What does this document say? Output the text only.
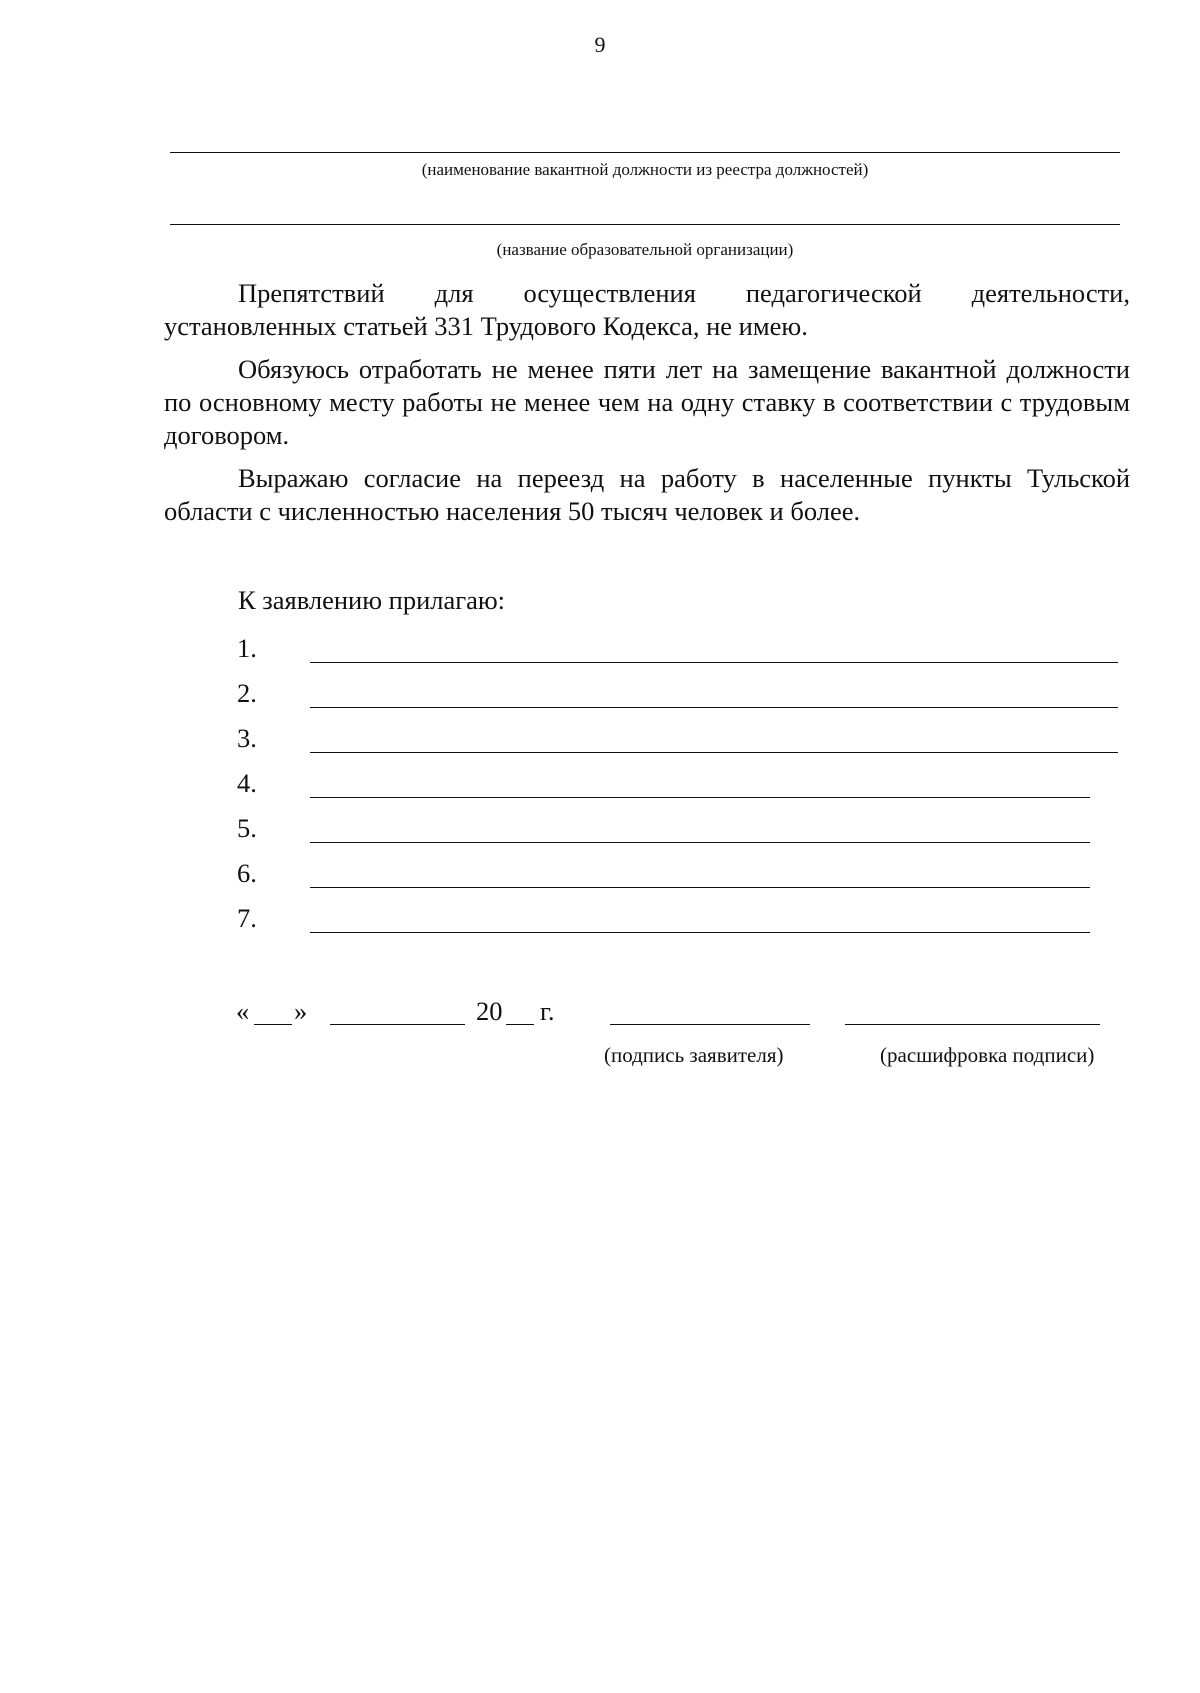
9
(наименование вакантной должности из реестра должностей)
(название образовательной организации)
Препятствий для осуществления педагогической деятельности, установленных статьей 331 Трудового Кодекса, не имею.
Обязуюсь отработать не менее пяти лет на замещение вакантной должности по основному месту работы не менее чем на одну ставку в соответствии с трудовым договором.
Выражаю согласие на переезд на работу в населенные пункты Тульской области с численностью населения 50 тысяч человек и более.
К заявлению прилагаю:
1.
2.
3.
4.
5.
6.
7.
« »	20 г.
(подпись заявителя)	(расшифровка подписи)
